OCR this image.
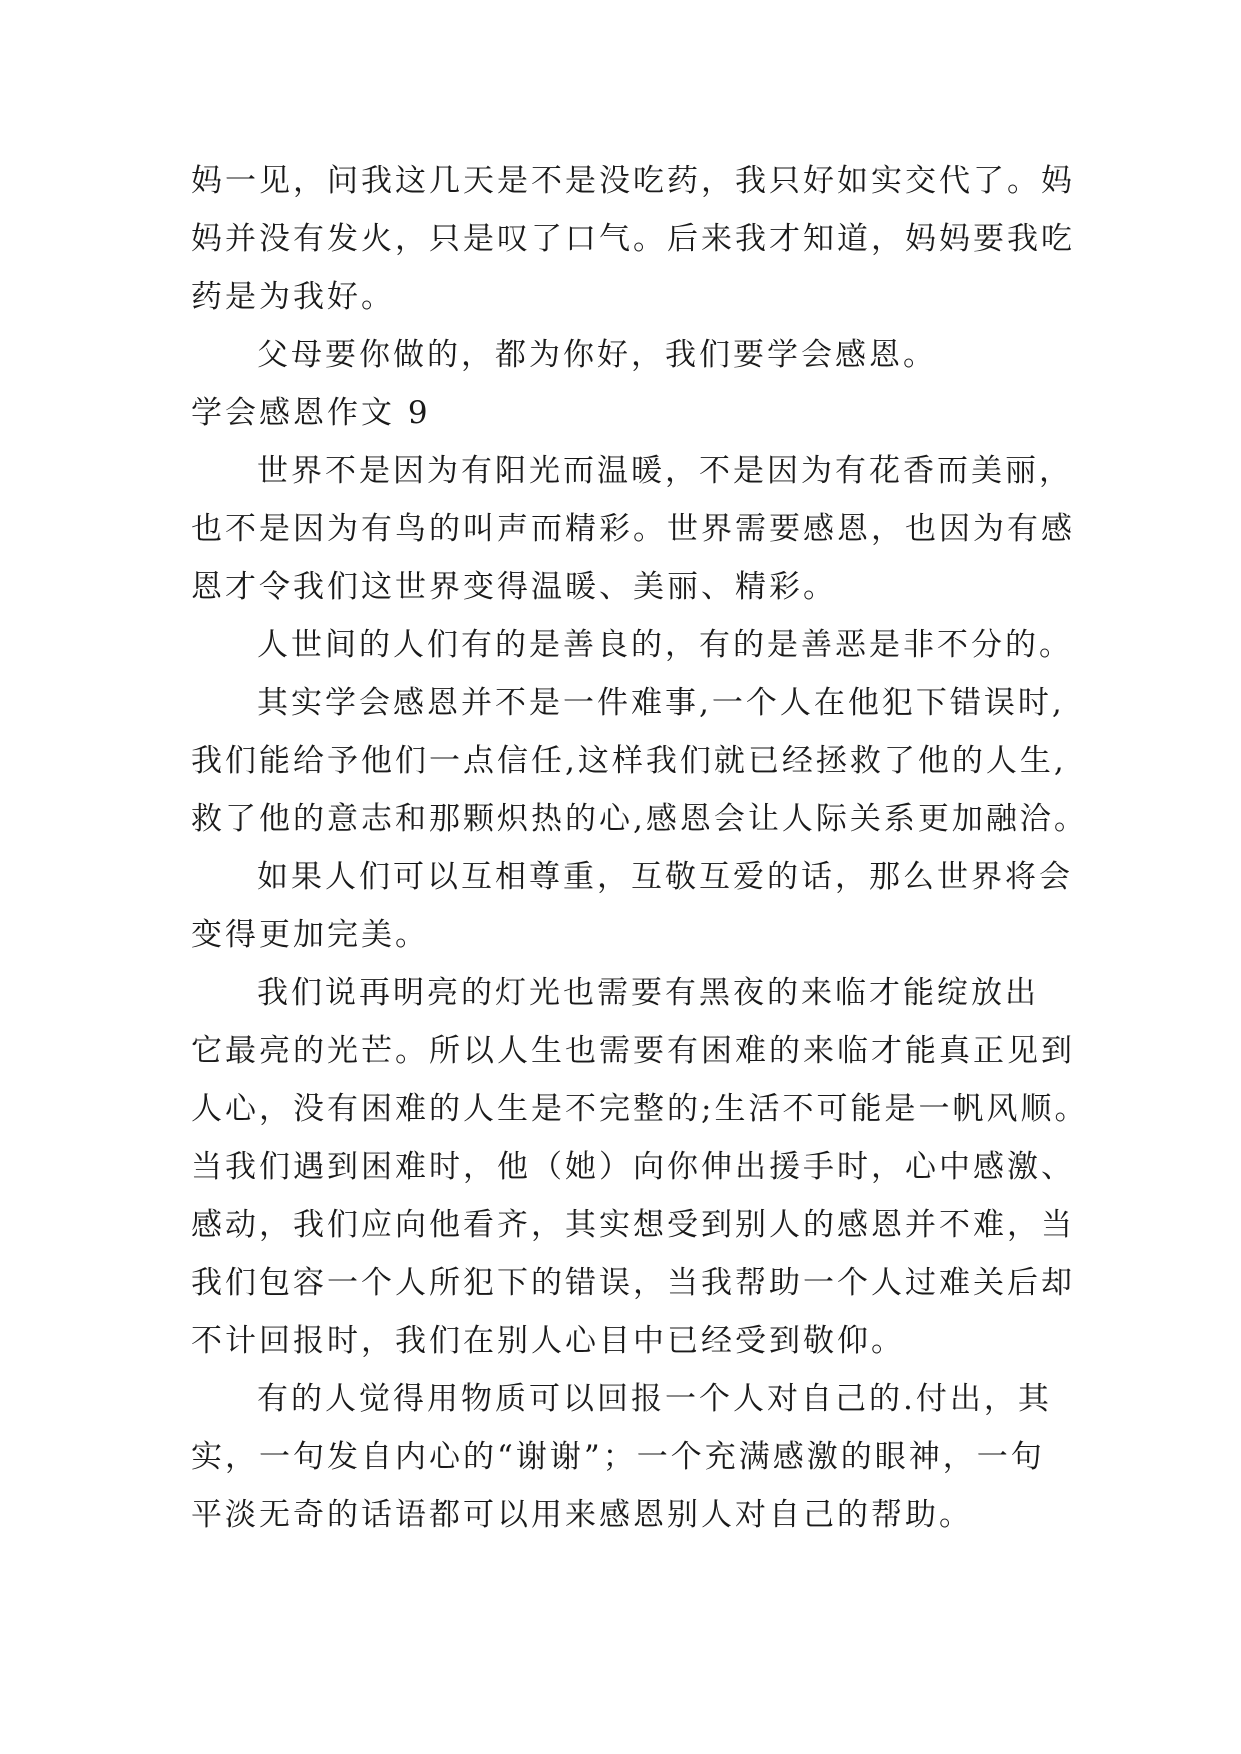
妈一见，问我这几天是不是没吃药，我只好如实交代了。妈
妈并没有发火，只是叹了口气。后来我才知道，妈妈要我吃
药是为我好。
父母要你做的，都为你好，我们要学会感恩。
学会感恩作文 9
世界不是因为有阳光而温暖，不是因为有花香而美丽，
也不是因为有鸟的叫声而精彩。世界需要感恩，也因为有感
恩才令我们这世界变得温暖、美丽、精彩。
人世间的人们有的是善良的，有的是善恶是非不分的。
其实学会感恩并不是一件难事,一个人在他犯下错误时,
我们能给予他们一点信任,这样我们就已经拯救了他的人生,
救了他的意志和那颗炽热的心,感恩会让人际关系更加融洽。
如果人们可以互相尊重，互敬互爱的话，那么世界将会
变得更加完美。
我们说再明亮的灯光也需要有黑夜的来临才能绽放出
它最亮的光芒。所以人生也需要有困难的来临才能真正见到
人心，没有困难的人生是不完整的;生活不可能是一帆风顺。
当我们遇到困难时，他（她）向你伸出援手时，心中感激、
感动，我们应向他看齐，其实想受到别人的感恩并不难，当
我们包容一个人所犯下的错误，当我帮助一个人过难关后却
不计回报时，我们在别人心目中已经受到敬仰。
有的人觉得用物质可以回报一个人对自己的.付出，其
实，一句发自内心的“谢谢”；一个充满感激的眼神，一句
平淡无奇的话语都可以用来感恩别人对自己的帮助。
